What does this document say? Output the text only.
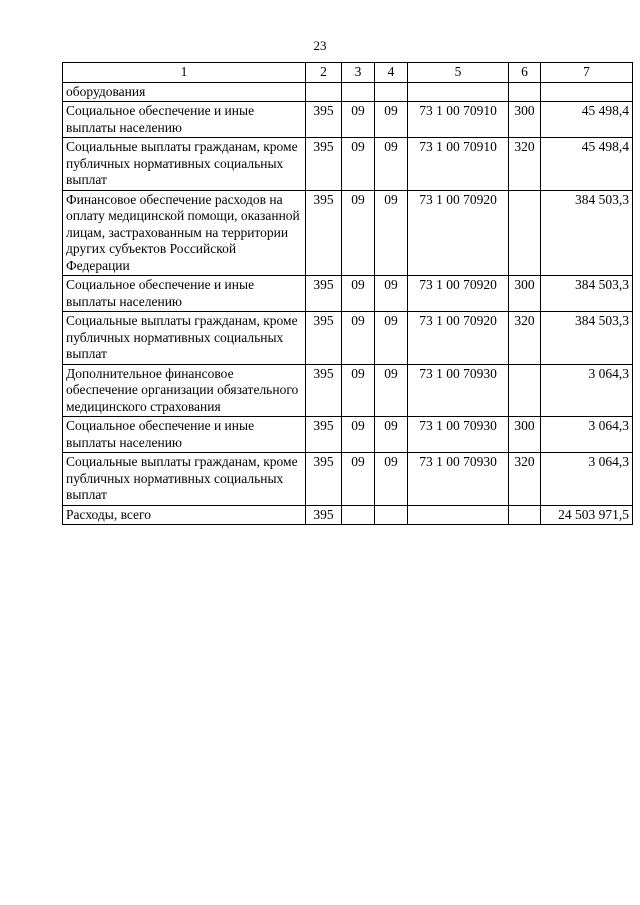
23
1	2	3	4	5	6	7
оборудования						
Социальное обеспечение и иные выплаты населению	395	09	09	73 1 00 70910	300	45 498,4
Социальные выплаты гражданам, кроме публичных нормативных социальных выплат	395	09	09	73 1 00 70910	320	45 498,4
Финансовое обеспечение расходов на оплату медицинской помощи, оказанной лицам, застрахованным на территории других субъектов Российской Федерации	395	09	09	73 1 00 70920		384 503,3
Социальное обеспечение и иные выплаты населению	395	09	09	73 1 00 70920	300	384 503,3
Социальные выплаты гражданам, кроме публичных нормативных социальных выплат	395	09	09	73 1 00 70920	320	384 503,3
Дополнительное финансовое обеспечение организации обязательного медицинского страхования	395	09	09	73 1 00 70930		3 064,3
Социальное обеспечение и иные выплаты населению	395	09	09	73 1 00 70930	300	3 064,3
Социальные выплаты гражданам, кроме публичных нормативных социальных выплат	395	09	09	73 1 00 70930	320	3 064,3
Расходы, всего	395					24 503 971,5
